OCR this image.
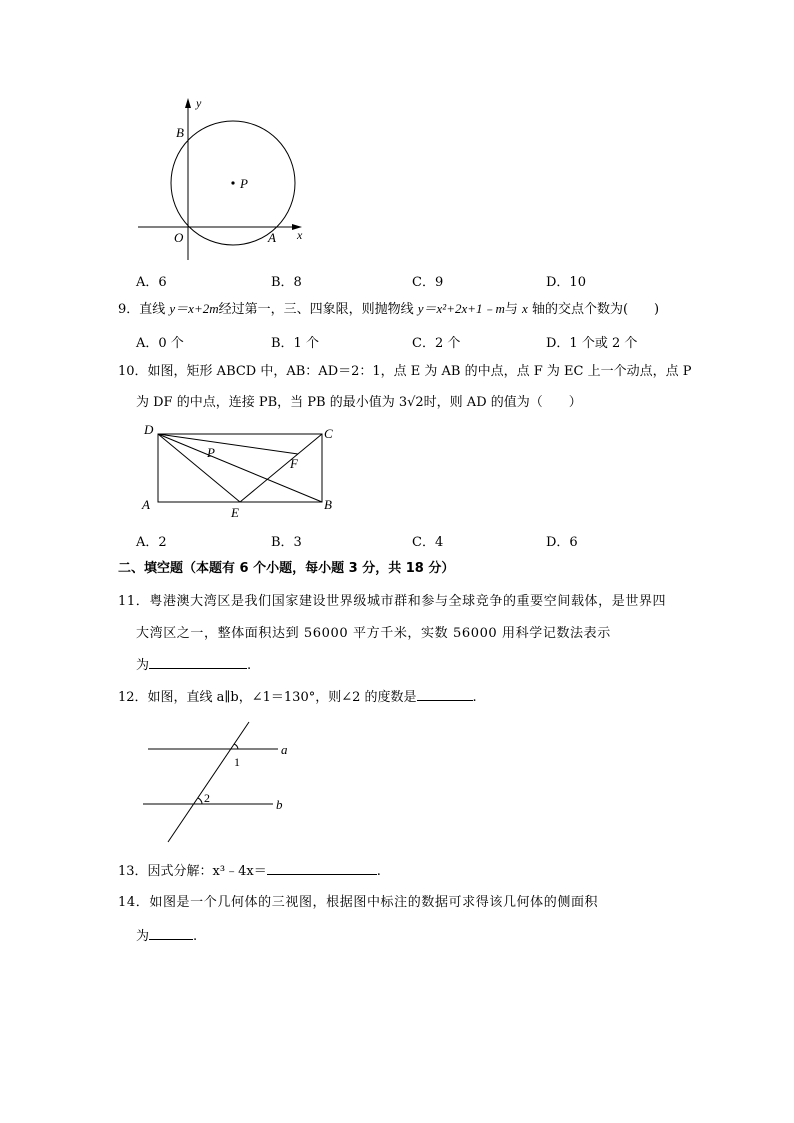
y
x
B
P
O	A
A．6	B．8	C．9	D．10
9．直线 y＝x+2m经过第一，三、四象限，则抛物线 y＝x²+2x+1﹣m与 x 轴的交点个数为(　　)
A．0 个	B．1 个	C．2 个	D．1 个或 2 个
10．如图，矩形 ABCD 中，AB：AD＝2：1，点 E 为 AB 的中点，点 F 为 EC 上一个动点，点 P
为 DF 的中点，连接 PB，当 PB 的最小值为 3√2时，则 AD 的值为（　　）
D	C
P
F
A
E
B
A．2	B．3	C．4	D．6
二、填空题（本题有 6 个小题，每小题 3 分，共 18 分）
11．粤港澳大湾区是我们国家建设世界级城市群和参与全球竞争的重要空间载体，是世界四
大湾区之一，整体面积达到 56000 平方千米，实数 56000 用科学记数法表示
为	.
12．如图，直线 a∥b，∠1＝130°，则∠2 的度数是	.
a
b
1
2
13．因式分解：x³﹣4x＝	.
14．如图是一个几何体的三视图，根据图中标注的数据可求得该几何体的侧面积
为	.
